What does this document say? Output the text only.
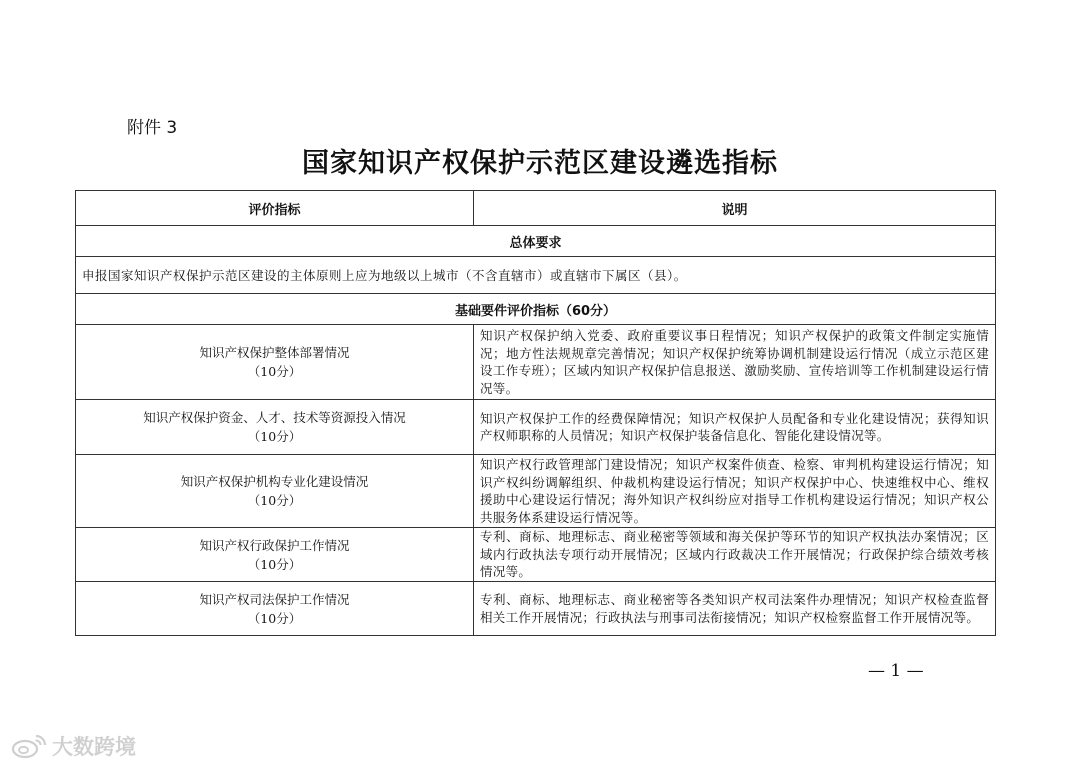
附件 3
国家知识产权保护示范区建设遴选指标
评价指标	说明
总体要求	
申报国家知识产权保护示范区建设的主体原则上应为地级以上城市（不含直辖市）或直辖市下属区（县）。	
基础要件评价指标（60分）	

知识产权保护整体部署情况
（10分）	知识产权保护纳入党委、政府重要议事日程情况；知识产权保护的政策文件制定实施情况；地方性法规规章完善情况；知识产权保护统筹协调机制建设运行情况（成立示范区建设工作专班）；区域内知识产权保护信息报送、激励奖励、宣传培训等工作机制建设运行情况等。

知识产权保护资金、人才、技术等资源投入情况
（10分）	知识产权保护工作的经费保障情况；知识产权保护人员配备和专业化建设情况；获得知识产权师职称的人员情况；知识产权保护装备信息化、智能化建设情况等。

知识产权保护机构专业化建设情况
（10分）	知识产权行政管理部门建设情况；知识产权案件侦查、检察、审判机构建设运行情况；知识产权纠纷调解组织、仲裁机构建设运行情况；知识产权保护中心、快速维权中心、维权援助中心建设运行情况；海外知识产权纠纷应对指导工作机构建设运行情况；知识产权公共服务体系建设运行情况等。

知识产权行政保护工作情况
（10分）	专利、商标、地理标志、商业秘密等领域和海关保护等环节的知识产权执法办案情况；区域内行政执法专项行动开展情况；区域内行政裁决工作开展情况；行政保护综合绩效考核情况等。

知识产权司法保护工作情况
（10分）	专利、商标、地理标志、商业秘密等各类知识产权司法案件办理情况；知识产权检查监督相关工作开展情况；行政执法与刑事司法衔接情况；知识产权检察监督工作开展情况等。
— 1 —
大数跨境
